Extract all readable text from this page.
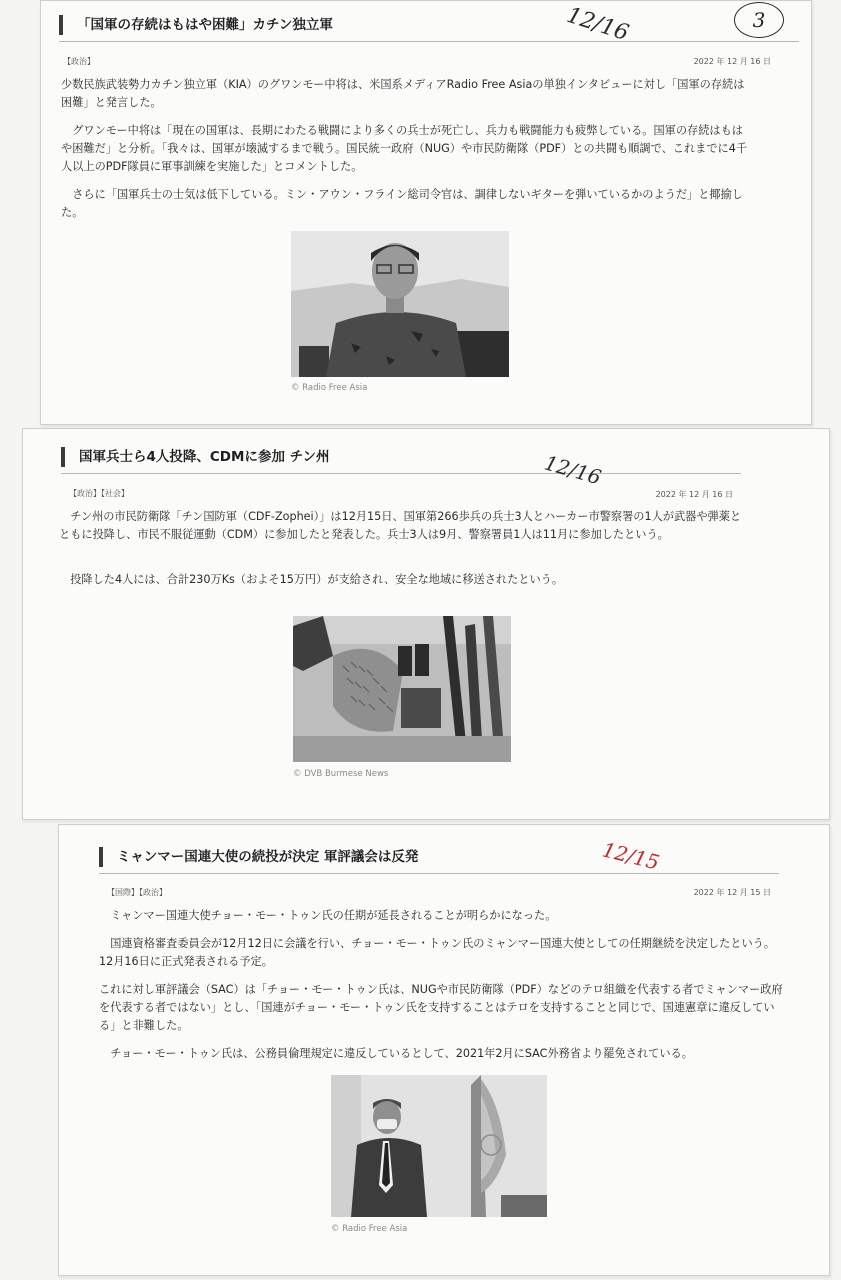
「国軍の存続はもはや困難」カチン独立軍
【政治】	2022 年 12 月 16 日

少数民族武装勢力カチン独立軍（KIA）のグワンモー中将は、米国系メディアRadio Free Asiaの単独インタビューに対し「国軍の存続は困難」と発言した。

グワンモー中将は「現在の国軍は、長期にわたる戦闘により多くの兵士が死亡し、兵力も戦闘能力も疲弊している。国軍の存続はもはや困難だ」と分析。「我々は、国軍が壊滅するまで戦う。国民統一政府（NUG）や市民防衛隊（PDF）との共闘も順調で、これまでに4千人以上のPDF隊員に軍事訓練を実施した」とコメントした。

さらに「国軍兵士の士気は低下している。ミン・アウン・フライン総司令官は、調律しないギターを弾いているかのようだ」と揶揄した。

© Radio Free Asia
国軍兵士ら4人投降、CDMに参加 チン州
【政治】【社会】	2022 年 12 月 16 日

チン州の市民防衛隊「チン国防軍（CDF-Zophei）」は12月15日、国軍第266歩兵の兵士3人とハーカー市警察署の1人が武器や弾薬とともに投降し、市民不服従運動（CDM）に参加したと発表した。兵士3人は9月、警察署員1人は11月に参加したという。

投降した4人には、合計230万Ks（およそ15万円）が支給され、安全な地域に移送されたという。

© DVB Burmese News
ミャンマー国連大使の続投が決定 軍評議会は反発
【国際】【政治】	2022 年 12 月 15 日

ミャンマー国連大使チョー・モー・トゥン氏の任期が延長されることが明らかになった。

国連資格審査委員会が12月12日に会議を行い、チョー・モー・トゥン氏のミャンマー国連大使としての任期継続を決定したという。12月16日に正式発表される予定。

これに対し軍評議会（SAC）は「チョー・モー・トゥン氏は、NUGや市民防衛隊（PDF）などのテロ組織を代表する者でミャンマー政府を代表する者ではない」とし、「国連がチョー・モー・トゥン氏を支持することはテロを支持することと同じで、国連憲章に違反している」と非難した。

チョー・モー・トゥン氏は、公務員倫理規定に違反しているとして、2021年2月にSAC外務省より罷免されている。

© Radio Free Asia
3
12/16
12/16
12/15
